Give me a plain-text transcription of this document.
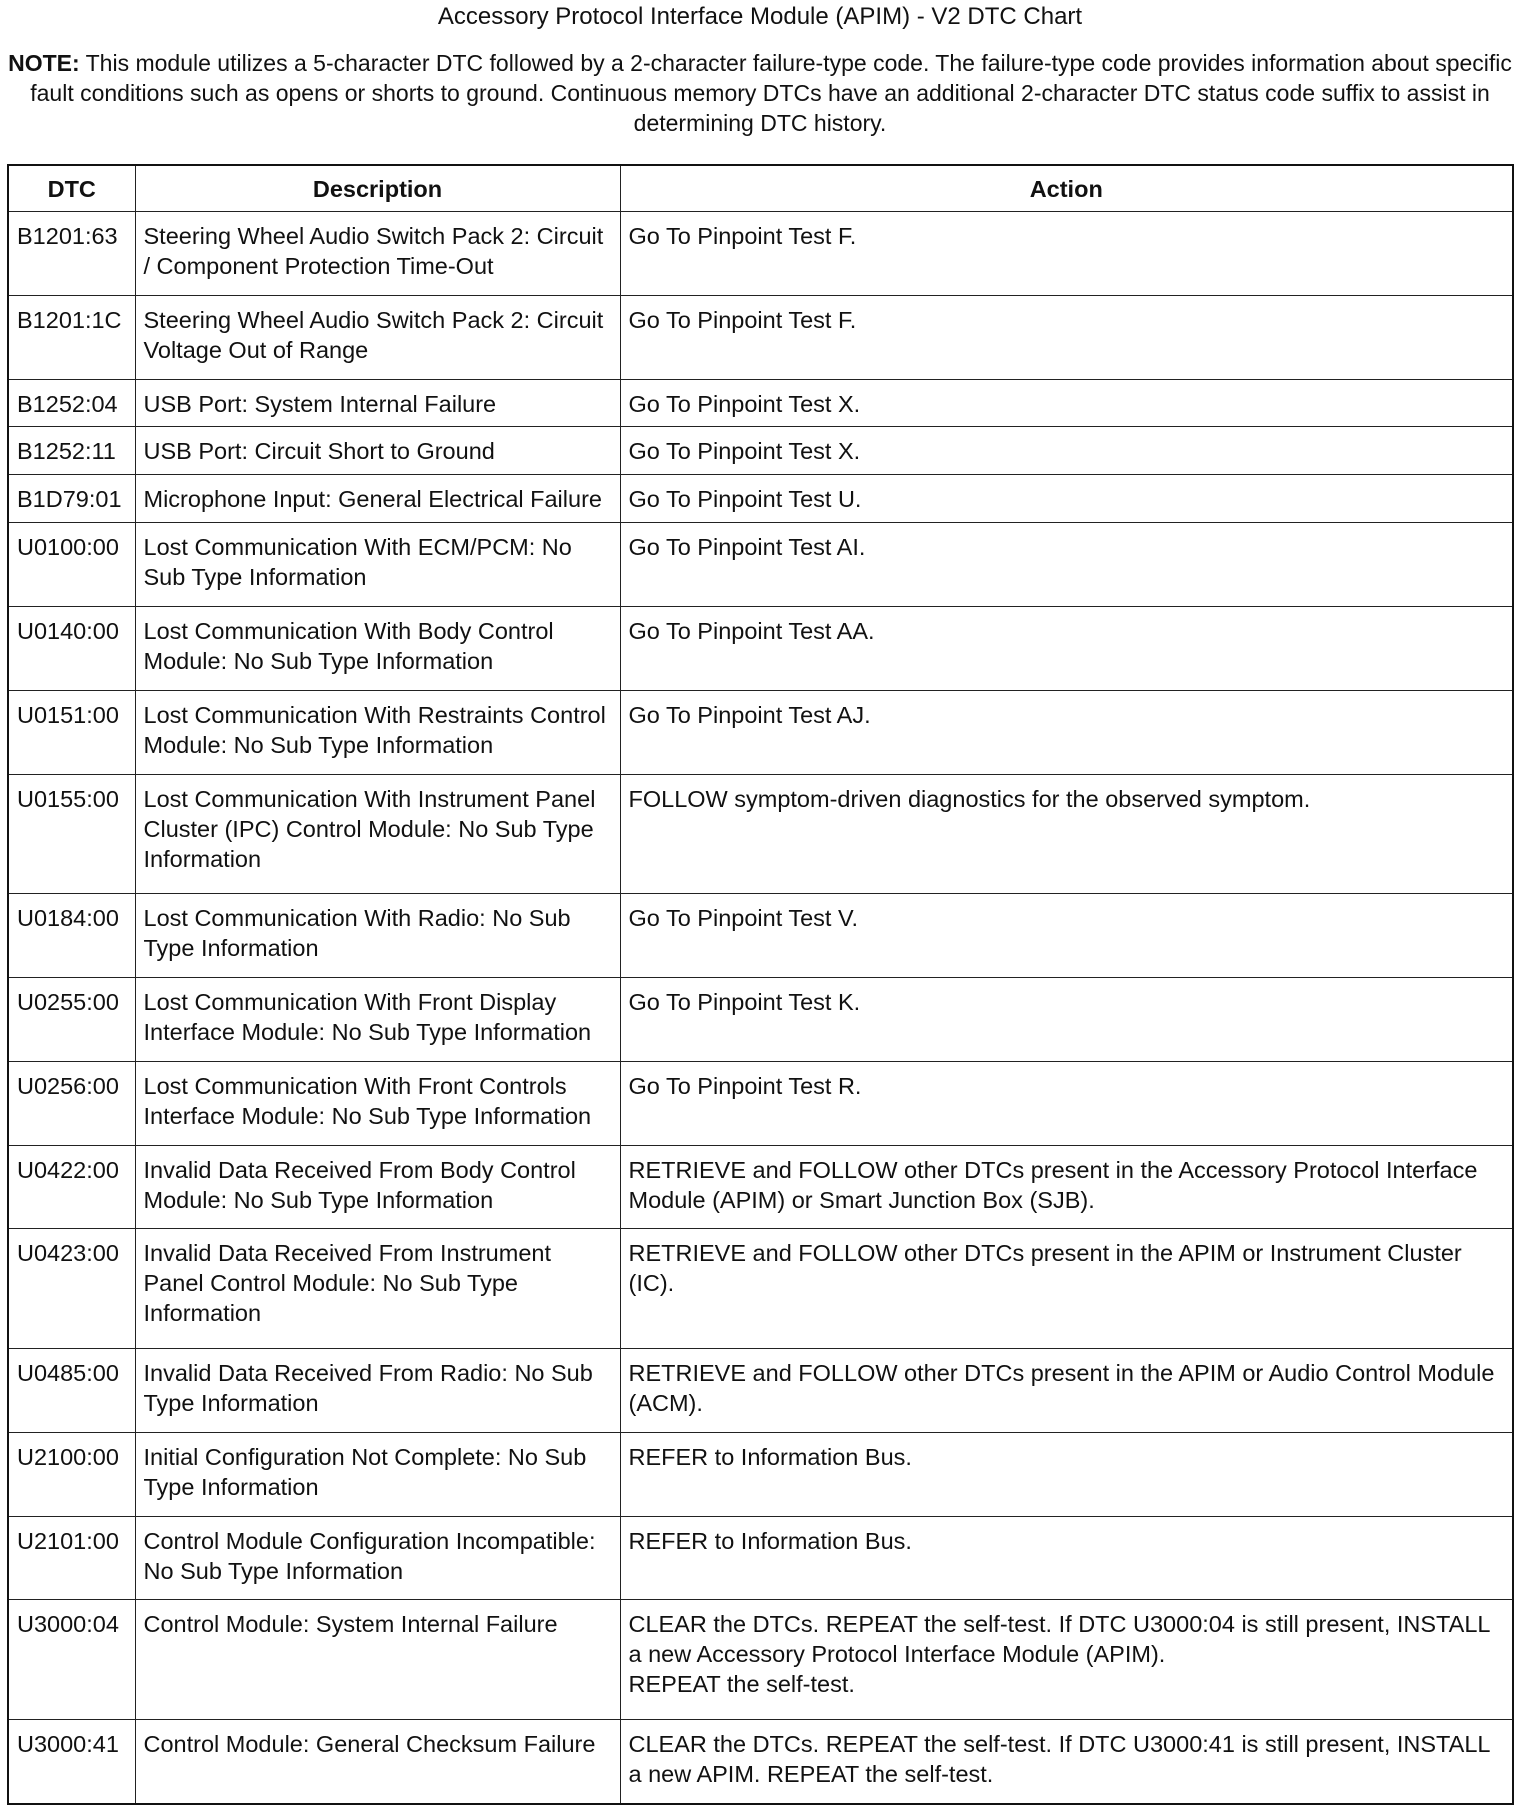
Accessory Protocol Interface Module (APIM) - V2 DTC Chart
NOTE: This module utilizes a 5-character DTC followed by a 2-character failure-type code. The failure-type code provides information about specific fault conditions such as opens or shorts to ground. Continuous memory DTCs have an additional 2-character DTC status code suffix to assist in determining DTC history.
DTC	Description	Action
B1201:63	Steering Wheel Audio Switch Pack 2: Circuit / Component Protection Time-Out	Go To Pinpoint Test F.
B1201:1C	Steering Wheel Audio Switch Pack 2: Circuit Voltage Out of Range	Go To Pinpoint Test F.
B1252:04	USB Port: System Internal Failure	Go To Pinpoint Test X.
B1252:11	USB Port: Circuit Short to Ground	Go To Pinpoint Test X.
B1D79:01	Microphone Input: General Electrical Failure	Go To Pinpoint Test U.
U0100:00	Lost Communication With ECM/PCM: No Sub Type Information	Go To Pinpoint Test AI.
U0140:00	Lost Communication With Body Control Module: No Sub Type Information	Go To Pinpoint Test AA.
U0151:00	Lost Communication With Restraints Control Module: No Sub Type Information	Go To Pinpoint Test AJ.
U0155:00	Lost Communication With Instrument Panel Cluster (IPC) Control Module: No Sub Type Information	FOLLOW symptom-driven diagnostics for the observed symptom.
U0184:00	Lost Communication With Radio: No Sub Type Information	Go To Pinpoint Test V.
U0255:00	Lost Communication With Front Display Interface Module: No Sub Type Information	Go To Pinpoint Test K.
U0256:00	Lost Communication With Front Controls Interface Module: No Sub Type Information	Go To Pinpoint Test R.
U0422:00	Invalid Data Received From Body Control Module: No Sub Type Information	RETRIEVE and FOLLOW other DTCs present in the Accessory Protocol Interface Module (APIM) or Smart Junction Box (SJB).
U0423:00	Invalid Data Received From Instrument Panel Control Module: No Sub Type Information	RETRIEVE and FOLLOW other DTCs present in the APIM or Instrument Cluster (IC).
U0485:00	Invalid Data Received From Radio: No Sub Type Information	RETRIEVE and FOLLOW other DTCs present in the APIM or Audio Control Module (ACM).
U2100:00	Initial Configuration Not Complete: No Sub Type Information	REFER to Information Bus.
U2101:00	Control Module Configuration Incompatible: No Sub Type Information	REFER to Information Bus.
U3000:04	Control Module: System Internal Failure	CLEAR the DTCs. REPEAT the self-test. If DTC U3000:04 is still present, INSTALL a new Accessory Protocol Interface Module (APIM).
REPEAT the self-test.
U3000:41	Control Module: General Checksum Failure	CLEAR the DTCs. REPEAT the self-test. If DTC U3000:41 is still present, INSTALL a new APIM. REPEAT the self-test.
